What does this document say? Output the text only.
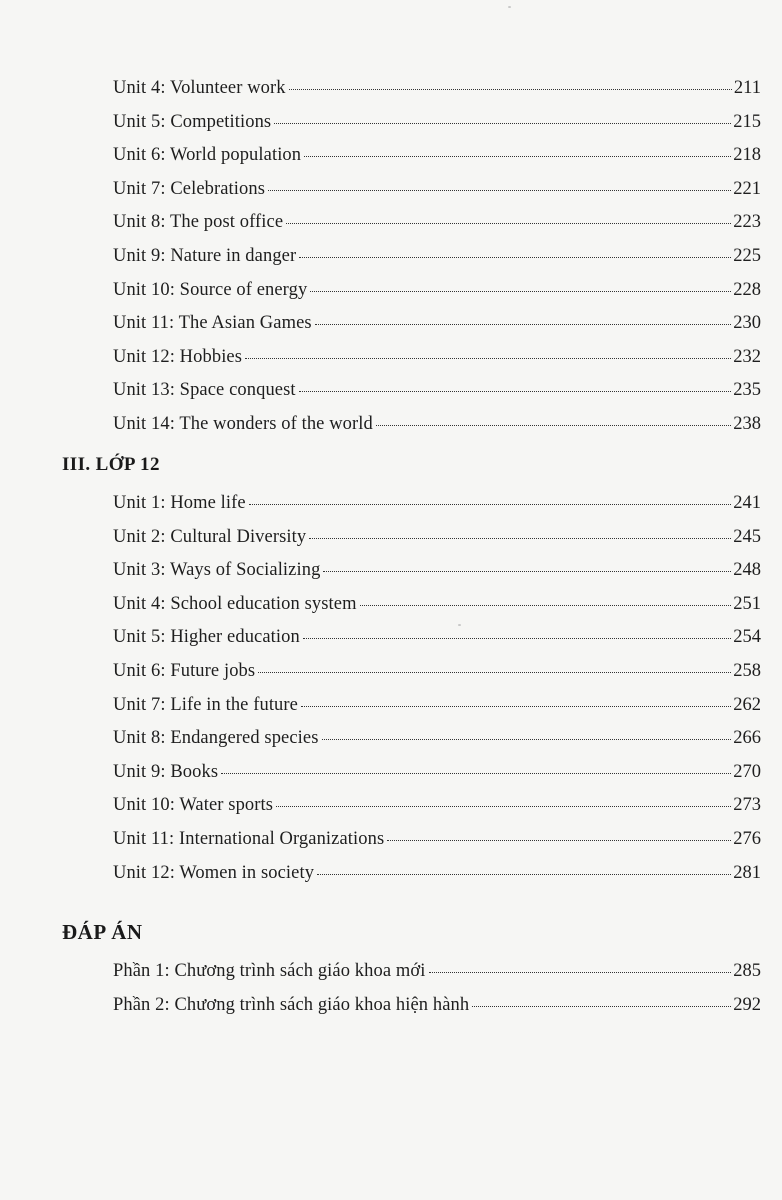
Unit 4: Volunteer work	211
Unit 5: Competitions	215
Unit 6: World population	218
Unit 7: Celebrations	221
Unit 8: The post office	223
Unit 9: Nature in danger	225
Unit 10: Source of energy	228
Unit 11: The Asian Games	230
Unit 12: Hobbies	232
Unit 13: Space conquest	235
Unit 14: The wonders of the world	238
III. LỚP 12
Unit 1: Home life	241
Unit 2: Cultural Diversity	245
Unit 3: Ways of Socializing	248
Unit 4: School education system	251
Unit 5: Higher education	254
Unit 6: Future jobs	258
Unit 7: Life in the future	262
Unit 8: Endangered species	266
Unit 9: Books	270
Unit 10: Water sports	273
Unit 11: International Organizations	276
Unit 12: Women in society	281
ĐÁP ÁN
Phần 1: Chương trình sách giáo khoa mới	285
Phần 2: Chương trình sách giáo khoa hiện hành	292
